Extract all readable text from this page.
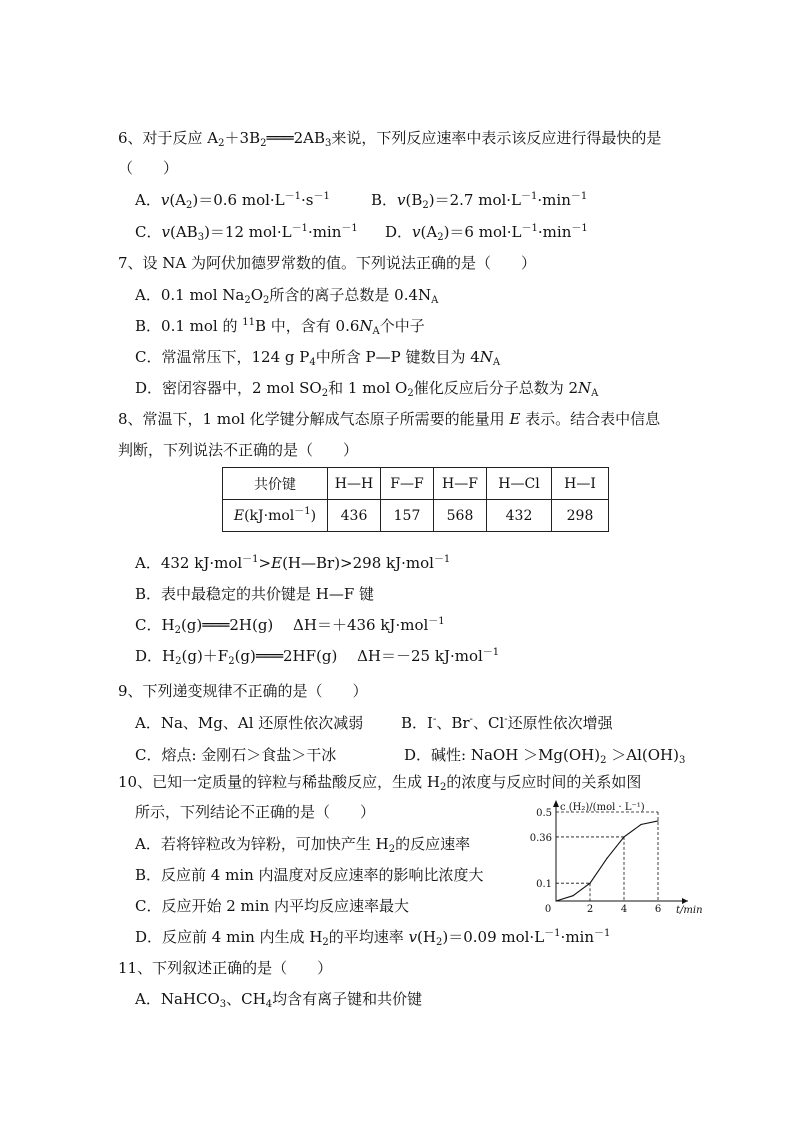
6、对于反应 $A_2+3B_2═══2AB_3$来说，下列反应速率中表示该反应进行得最快的是
（　　）
A．$v(A_2)=0.6$ $mol\cdot L^{-1}\cdot s^{-1}$	B．$v(B_2)=2.7$ $mol\cdot L^{-1}\cdot\min^{-1}$
C．$v(AB_3)=12$ $mol\cdot L^{-1}\cdot\min^{-1}$ D．$v(A_2)=6$ $mol\cdot L^{-1}\cdot\min^{-1}$
7、设 NA 为阿伏加德罗常数的值。下列说法正确的是（　　）
A．0.1 mol $Na_2O_2$所含的离子总数是 $0.4N_A$
B．0.1 mol 的 $^{11}$B 中，含有 $0.6N_A$个中子
C．常温常压下，124 g $P_4$中所含 P—P 键数目为 $4N_A$
D．密闭容器中，2 mol $SO_2$和 1 mol $O_2$催化反应后分子总数为 $2N_A$
8、常温下，1 mol 化学键分解成气态原子所需要的能量用 E 表示。结合表中信息
判断，下列说法不正确的是（　　）
共价键	H—H	F—F	H—F	H—Cl	H—I
E(kJ·mol$^{-1}$)	436	157	568	432	298
A．432 kJ·mol$^{-1}$>E(H—Br)>298 kJ·mol$^{-1}$
B．表中最稳定的共价键是 H—F 键
C．$H_2(g)═══2H(g)$　 ΔH＝＋436 kJ·mol$^{-1}$
D．$H_2(g)+F_2(g)═══2HF(g)$　 ΔH＝－25 kJ·mol$^{-1}$
9、下列递变规律不正确的是（　　）
A．Na、Mg、Al 还原性依次减弱	B．I-、Br-、Cl-还原性依次增强
C．熔点: 金刚石＞食盐＞干冰	D．碱性: NaOH $>Mg(OH)_2 >Al(OH)_3$
10、已知一定质量的锌粒与稀盐酸反应，生成 $H_2$的浓度与反应时间的关系如图
所示，下列结论不正确的是（　　）
A．若将锌粒改为锌粉，可加快产生 $H_2$的反应速率
B．反应前 4 min 内温度对反应速率的影响比浓度大
C．反应开始 2 min 内平均反应速率最大
D．反应前 4 min 内生成 $H_2$的平均速率 $v(H_2)=0.09$ $mol\cdot L^{-1}\cdot\min^{-1}$
11、下列叙述正确的是（　　）
A．NaHCO$_3$、$CH_4$均含有离子键和共价键
0.1
0.36
0.5
0	2	4	6
c (H₂)/(mol · L⁻¹)
t/min
